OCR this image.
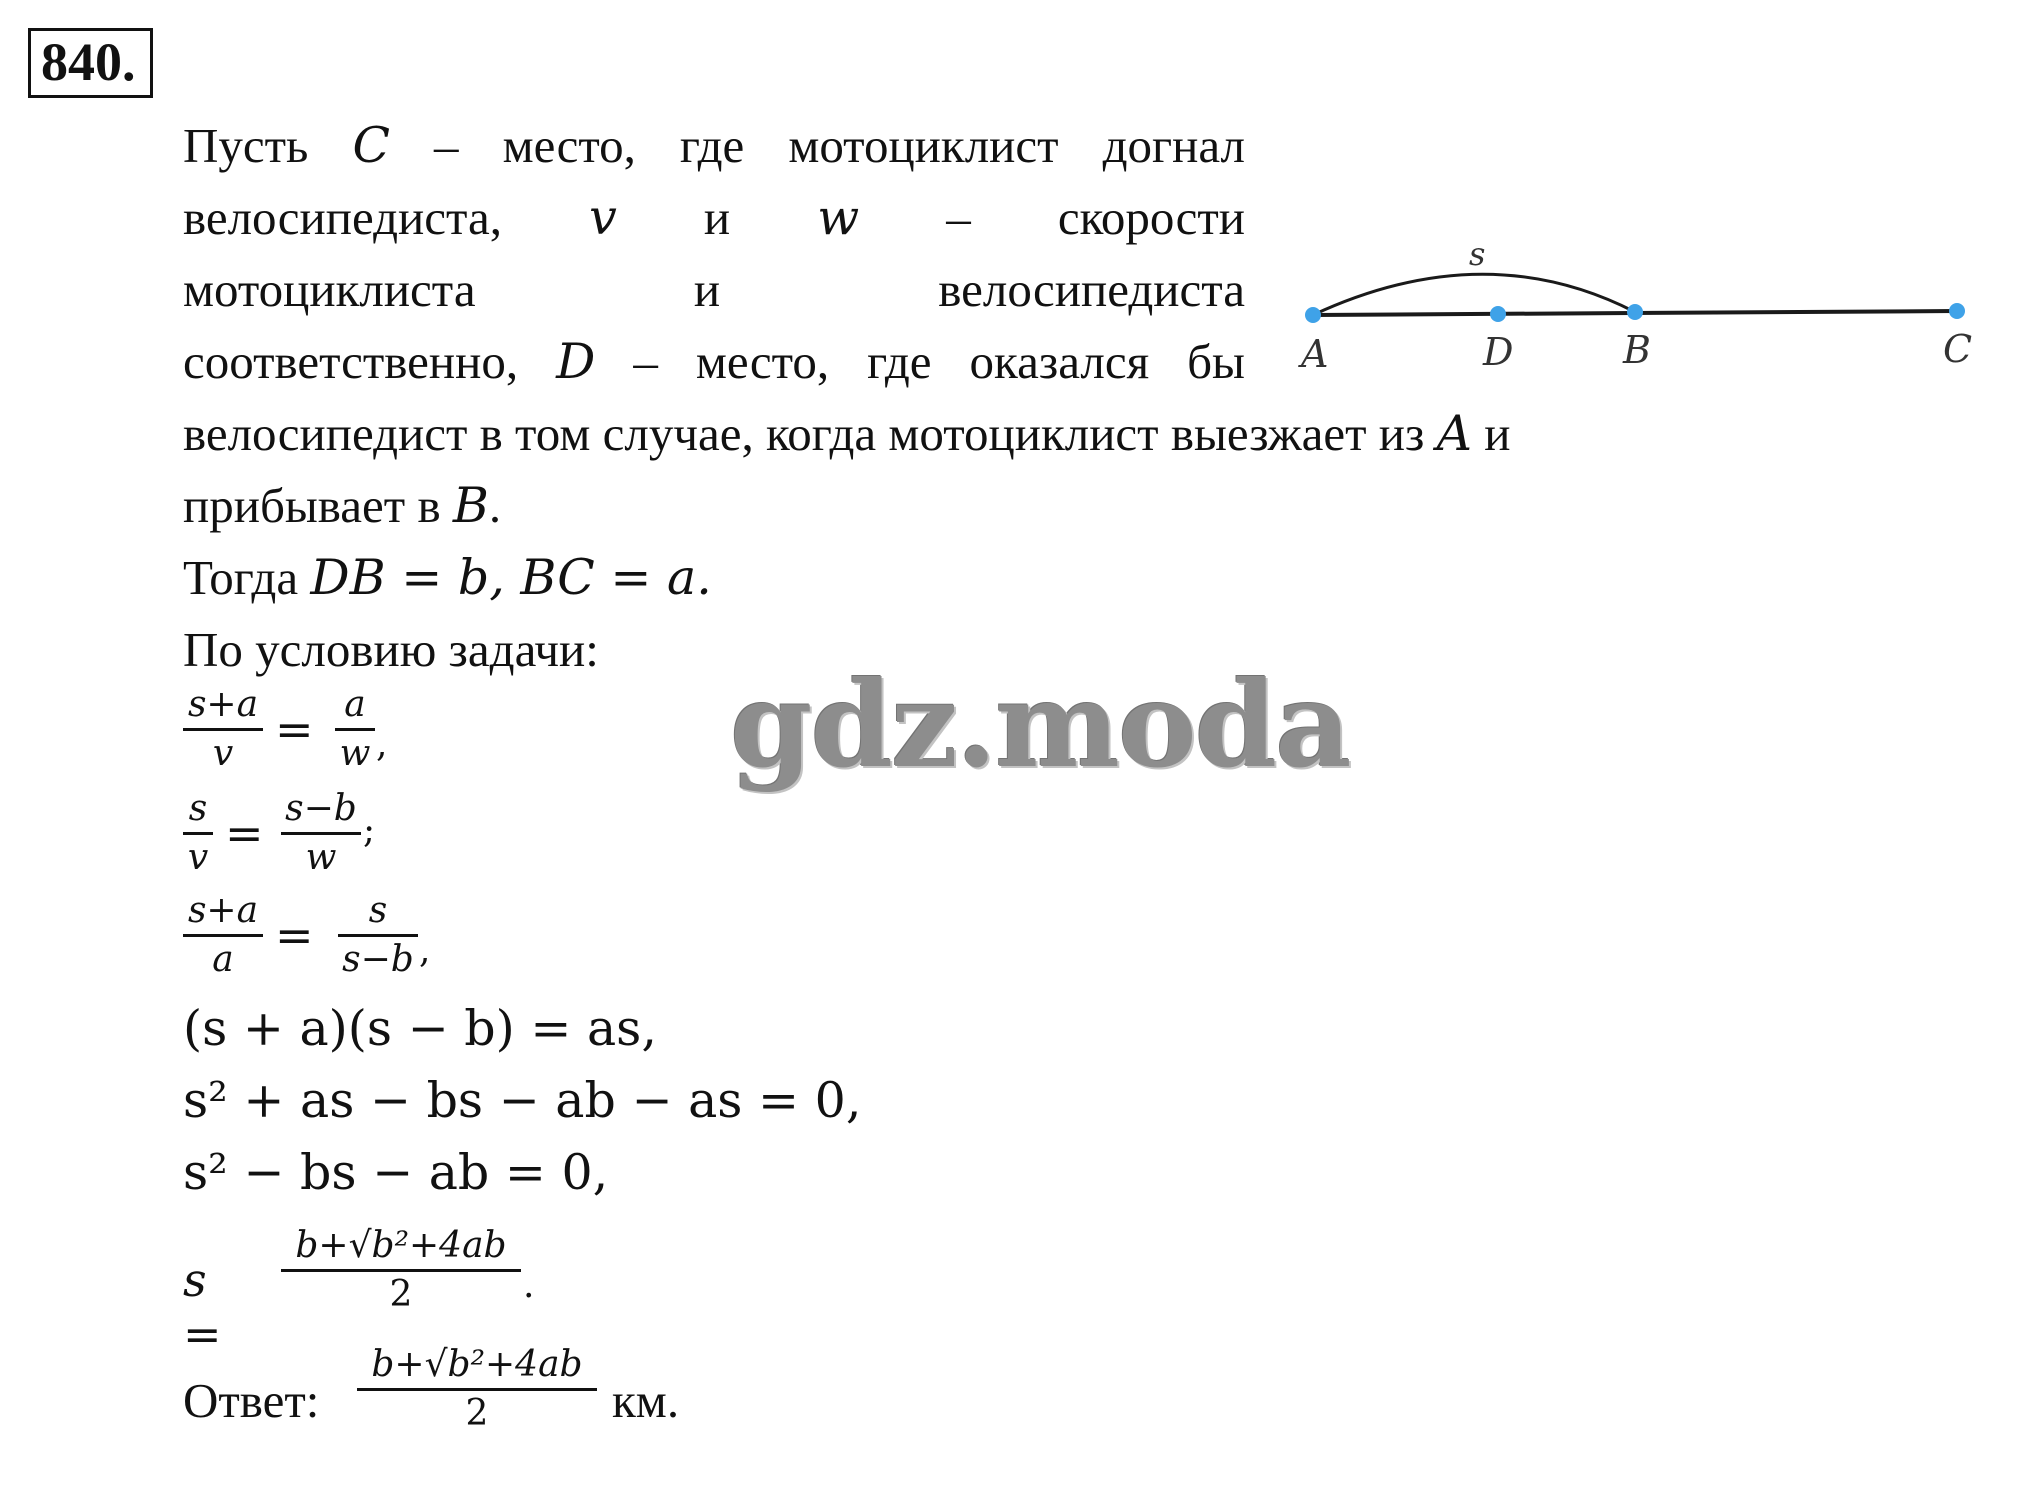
840.
Пусть C – место, где мотоциклист догнал
велосипедиста, v и w – скорости
мотоциклиста	и	велосипедиста
соответственно, D – место, где оказался бы
велосипедист в том случае, когда мотоциклист выезжает из A и
прибывает в B.
Тогда DB = b, BC = a.
По условию задачи:
s
A	D	B	C
gdz.moda
s+a
v = a
w ,
s
v = s−b
w
;
s+a
a =	s
s−b ,
(s + a)(s − b) = as,
s² + as − bs − ab − as = 0,
s² − bs − ab = 0,
s =
b+√b²+4ab
2	.
Ответ:
b+√b²+4ab
2	км.
